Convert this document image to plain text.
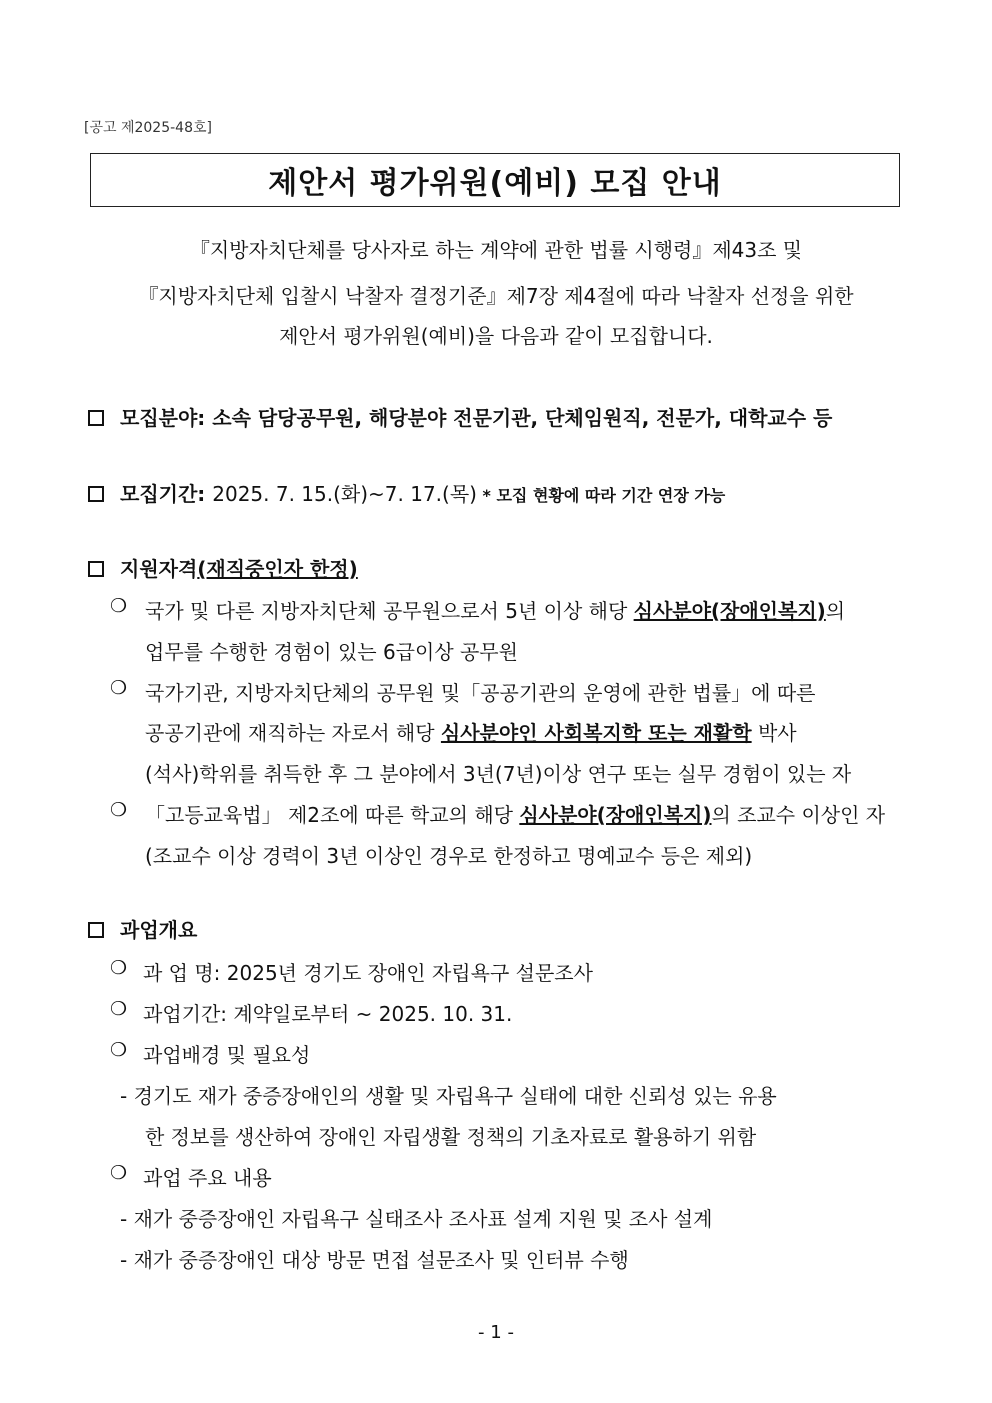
[공고 제2025-48호]
제안서 평가위원(예비) 모집 안내
『지방자치단체를 당사자로 하는 계약에 관한 법률 시행령』제43조 및
『지방자치단체 입찰시 낙찰자 결정기준』제7장 제4절에 따라 낙찰자 선정을 위한
제안서 평가위원(예비)을 다음과 같이 모집합니다.
모집분야: 소속 담당공무원, 해당분야 전문기관, 단체임원직, 전문가, 대학교수 등
모집기간: 2025. 7. 15.(화)~7. 17.(목) * 모집 현황에 따라 기간 연장 가능
지원자격(재직중인자 한정)
❍ 국가 및 다른 지방자치단체 공무원으로서 5년 이상 해당 심사분야(장애인복지)의
업무를 수행한 경험이 있는 6급이상 공무원
❍ 국가기관, 지방자치단체의 공무원 및「공공기관의 운영에 관한 법률」에 따른
공공기관에 재직하는 자로서 해당 심사분야인 사회복지학 또는 재활학 박사
(석사)학위를 취득한 후 그 분야에서 3년(7년)이상 연구 또는 실무 경험이 있는 자
❍ 「고등교육법」 제2조에 따른 학교의 해당 심사분야(장애인복지)의 조교수 이상인 자
(조교수 이상 경력이 3년 이상인 경우로 한정하고 명예교수 등은 제외)
과업개요
❍ 과 업 명: 2025년 경기도 장애인 자립욕구 설문조사
❍ 과업기간: 계약일로부터 ~ 2025. 10. 31.
❍ 과업배경 및 필요성
- 경기도 재가 중증장애인의 생활 및 자립욕구 실태에 대한 신뢰성 있는 유용
한 정보를 생산하여 장애인 자립생활 정책의 기초자료로 활용하기 위함
❍ 과업 주요 내용
- 재가 중증장애인 자립욕구 실태조사 조사표 설계 지원 및 조사 설계
- 재가 중증장애인 대상 방문 면접 설문조사 및 인터뷰 수행
- 1 -
